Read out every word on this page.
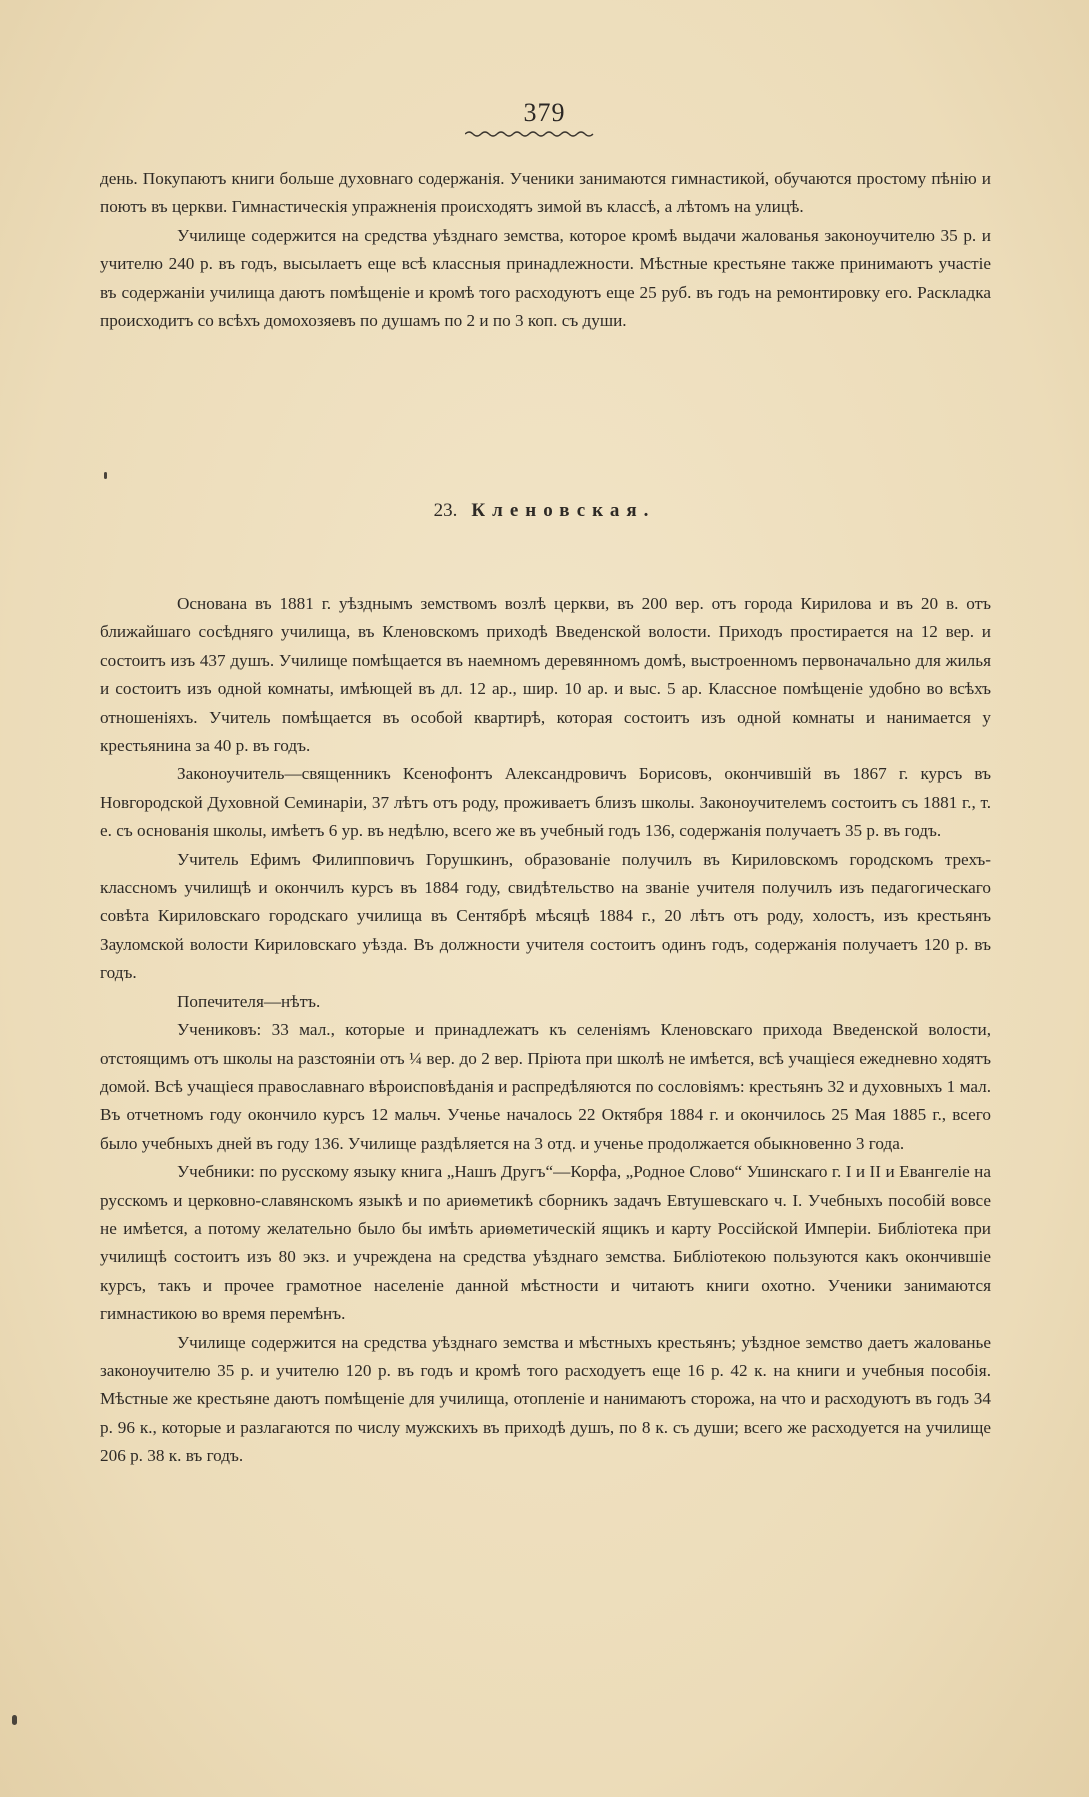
379

день. Покупаютъ книги больше духовнаго содержанія. Ученики занимаются гимнастикой, обучаются простому пѣнію и поютъ въ церкви. Гимнастическія упражненія происходятъ зимой въ классѣ, а лѣтомъ на улицѣ.

Училище содержится на средства уѣзднаго земства, которое кромѣ выдачи жалованья законоучителю 35 р. и учителю 240 р. въ годъ, высылаетъ еще всѣ классныя принадлежности. Мѣстные крестьяне также принимаютъ участіе въ содержаніи училища даютъ помѣщеніе и кромѣ того расходуютъ еще 25 руб. въ годъ на ремонтировку его. Раскладка происходитъ со всѣхъ домохозяевъ по душамъ по 2 и по 3 коп. съ души.

23. Кленовская.

Основана въ 1881 г. уѣзднымъ земствомъ возлѣ церкви, въ 200 вер. отъ города Кирилова и въ 20 в. отъ ближайшаго сосѣдняго училища, въ Кленовскомъ приходѣ Введенской волости. Приходъ простирается на 12 вер. и состоитъ изъ 437 душъ. Училище помѣщается въ наемномъ деревянномъ домѣ, выстроенномъ первоначально для жилья и состоитъ изъ одной комнаты, имѣющей въ дл. 12 ар., шир. 10 ар. и выс. 5 ар. Классное помѣщеніе удобно во всѣхъ отношеніяхъ. Учитель помѣщается въ особой квартирѣ, которая состоитъ изъ одной комнаты и нанимается у крестьянина за 40 р. въ годъ.

Законоучитель—священникъ Ксенофонтъ Александровичъ Борисовъ, окончившій въ 1867 г. курсъ въ Новгородской Духовной Семинаріи, 37 лѣтъ отъ роду, проживаетъ близъ школы. Законоучителемъ состоитъ съ 1881 г., т. е. съ основанія школы, имѣетъ 6 ур. въ недѣлю, всего же въ учебный годъ 136, содержанія получаетъ 35 р. въ годъ.

Учитель Ефимъ Филипповичъ Горушкинъ, образованіе получилъ въ Кириловскомъ городскомъ трехъ-классномъ училищѣ и окончилъ курсъ въ 1884 году, свидѣтельство на званіе учителя получилъ изъ педагогическаго совѣта Кириловскаго городскаго училища въ Сентябрѣ мѣсяцѣ 1884 г., 20 лѣтъ отъ роду, холостъ, изъ крестьянъ Зауломской волости Кириловскаго уѣзда. Въ должности учителя состоитъ одинъ годъ, содержанія получаетъ 120 р. въ годъ.

Попечителя—нѣтъ.

Учениковъ: 33 мал., которые и принадлежатъ къ селеніямъ Кленовскаго прихода Введенской волости, отстоящимъ отъ школы на разстояніи отъ ¼ вер. до 2 вер. Пріюта при школѣ не имѣется, всѣ учащіеся ежедневно ходятъ домой. Всѣ учащіеся православнаго вѣроисповѣданія и распредѣляются по сословіямъ: крестьянъ 32 и духовныхъ 1 мал. Въ отчетномъ году окончило курсъ 12 мальч. Ученье началось 22 Октября 1884 г. и окончилось 25 Мая 1885 г., всего было учебныхъ дней въ году 136. Училище раздѣляется на 3 отд. и ученье продолжается обыкновенно 3 года.

Учебники: по русскому языку книга „Нашъ Другъ“—Корфа, „Родное Слово“ Ушинскаго г. I и II и Евангеліе на русскомъ и церковно-славянскомъ языкѣ и по ариѳметикѣ сборникъ задачъ Евтушевскаго ч. I. Учебныхъ пособій вовсе не имѣется, а потому желательно было бы имѣть ариѳметическій ящикъ и карту Россійской Имперіи. Библіотека при училищѣ состоитъ изъ 80 экз. и учреждена на средства уѣзднаго земства. Библіотекою пользуются какъ окончившіе курсъ, такъ и прочее грамотное населеніе данной мѣстности и читаютъ книги охотно. Ученики занимаются гимнастикою во время перемѣнъ.

Училище содержится на средства уѣзднаго земства и мѣстныхъ крестьянъ; уѣздное земство даетъ жалованье законоучителю 35 р. и учителю 120 р. въ годъ и кромѣ того расходуетъ еще 16 р. 42 к. на книги и учебныя пособія. Мѣстные же крестьяне даютъ помѣщеніе для училища, отопленіе и нанимаютъ сторожа, на что и расходуютъ въ годъ 34 р. 96 к., которые и разлагаются по числу мужскихъ въ приходѣ душъ, по 8 к. съ души; всего же расходуется на училище 206 р. 38 к. въ годъ.
